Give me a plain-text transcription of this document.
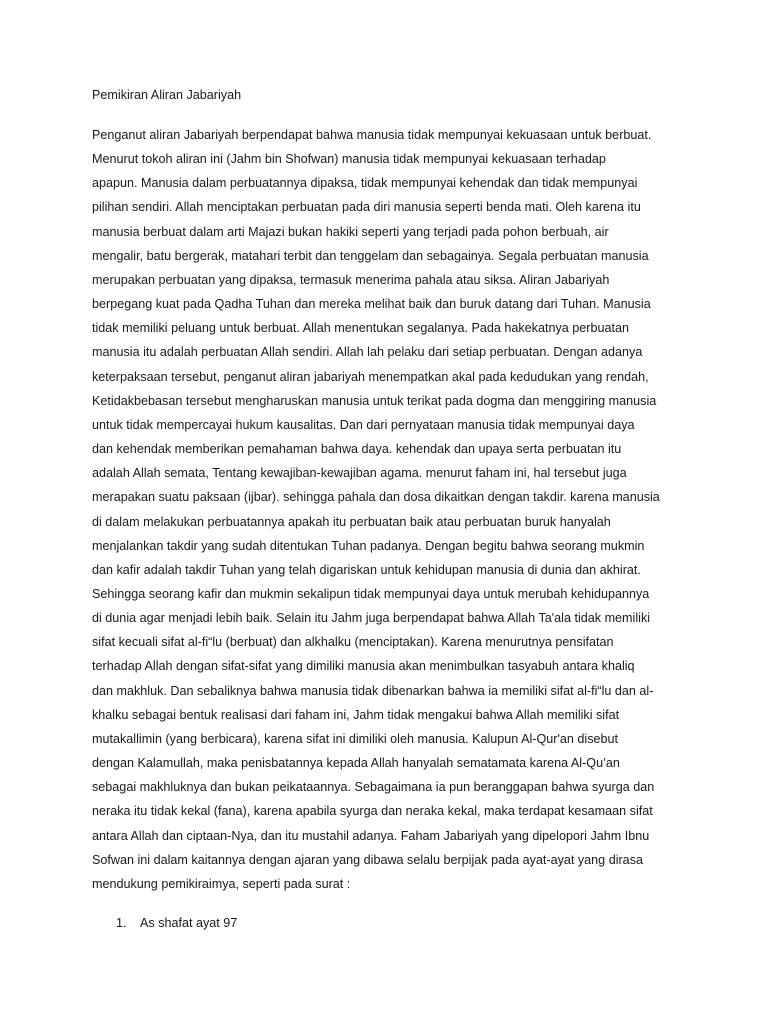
Pemikiran Aliran Jabariyah
Penganut aliran Jabariyah berpendapat bahwa manusia tidak mempunyai kekuasaan untuk berbuat.
Menurut tokoh aliran ini (Jahm bin Shofwan) manusia tidak mempunyai kekuasaan terhadap
apapun. Manusia dalam perbuatannya dipaksa, tidak mempunyai kehendak dan tidak mempunyai
pilihan sendiri. Allah menciptakan perbuatan pada diri manusia seperti benda mati. Oleh karena itu
manusia berbuat dalam arti Majazi bukan hakiki seperti yang terjadi pada pohon berbuah, air
mengalir, batu bergerak, matahari terbit dan tenggelam dan sebagainya. Segala perbuatan manusia
merupakan perbuatan yang dipaksa, termasuk menerima pahala atau siksa. Aliran Jabariyah
berpegang kuat pada Qadha Tuhan dan mereka melihat baik dan buruk datang dari Tuhan. Manusia
tidak memiliki peluang untuk berbuat. Allah menentukan segalanya. Pada hakekatnya perbuatan
manusia itu adalah perbuatan Allah sendiri. Allah lah pelaku dari setiap perbuatan. Dengan adanya
keterpaksaan tersebut, penganut aliran jabariyah menempatkan akal pada kedudukan yang rendah,
Ketidakbebasan tersebut mengharuskan manusia untuk terikat pada dogma dan menggiring manusia
untuk tidak mempercayai hukum kausalitas. Dan dari pernyataan manusia tidak mempunyai daya
dan kehendak memberikan pemahaman bahwa daya. kehendak dan upaya serta perbuatan itu
adalah Allah semata, Tentang kewajiban-kewajiban agama. menurut faham ini, hal tersebut juga
merapakan suatu paksaan (ijbar). sehingga pahala dan dosa dikaitkan dengan takdir. karena manusia
di dalam melakukan perbuatannya apakah itu perbuatan baik atau perbuatan buruk hanyalah
menjalankan takdir yang sudah ditentukan Tuhan padanya. Dengan begitu bahwa seorang mukmin
dan kafir adalah takdir Tuhan yang telah digariskan untuk kehidupan manusia di dunia dan akhirat.
Sehingga seorang kafir dan mukmin sekalipun tidak mempunyai daya untuk merubah kehidupannya
di dunia agar menjadi lebih baik. Selain itu Jahm juga berpendapat bahwa Allah Ta'ala tidak memiliki
sifat kecuali sifat al-fi“lu (berbuat) dan alkhalku (menciptakan). Karena menurutnya pensifatan
terhadap Allah dengan sifat-sifat yang dimiliki manusia akan menimbulkan tasyabuh antara khaliq
dan makhluk. Dan sebaliknya bahwa manusia tidak dibenarkan bahwa ia memiliki sifat al-fi“lu dan al-
khalku sebagai bentuk realisasi dari faham ini, Jahm tidak mengakui bahwa Allah memiliki sifat
mutakallimin (yang berbicara), karena sifat ini dimiliki oleh manusia. Kalupun Al-Qur'an disebut
dengan Kalamullah, maka penisbatannya kepada Allah hanyalah sematamata karena Al-Qu’an
sebagai makhluknya dan bukan peikataannya. Sebagaimana ia pun beranggapan bahwa syurga dan
neraka itu tidak kekal (fana), karena apabila syurga dan neraka kekal, maka terdapat kesamaan sifat
antara Allah dan ciptaan-Nya, dan itu mustahil adanya. Faham Jabariyah yang dipelopori Jahm Ibnu
Sofwan ini dalam kaitannya dengan ajaran yang dibawa selalu berpijak pada ayat-ayat yang dirasa
mendukung pemikiraimya, seperti pada surat :
1. As shafat ayat 97
